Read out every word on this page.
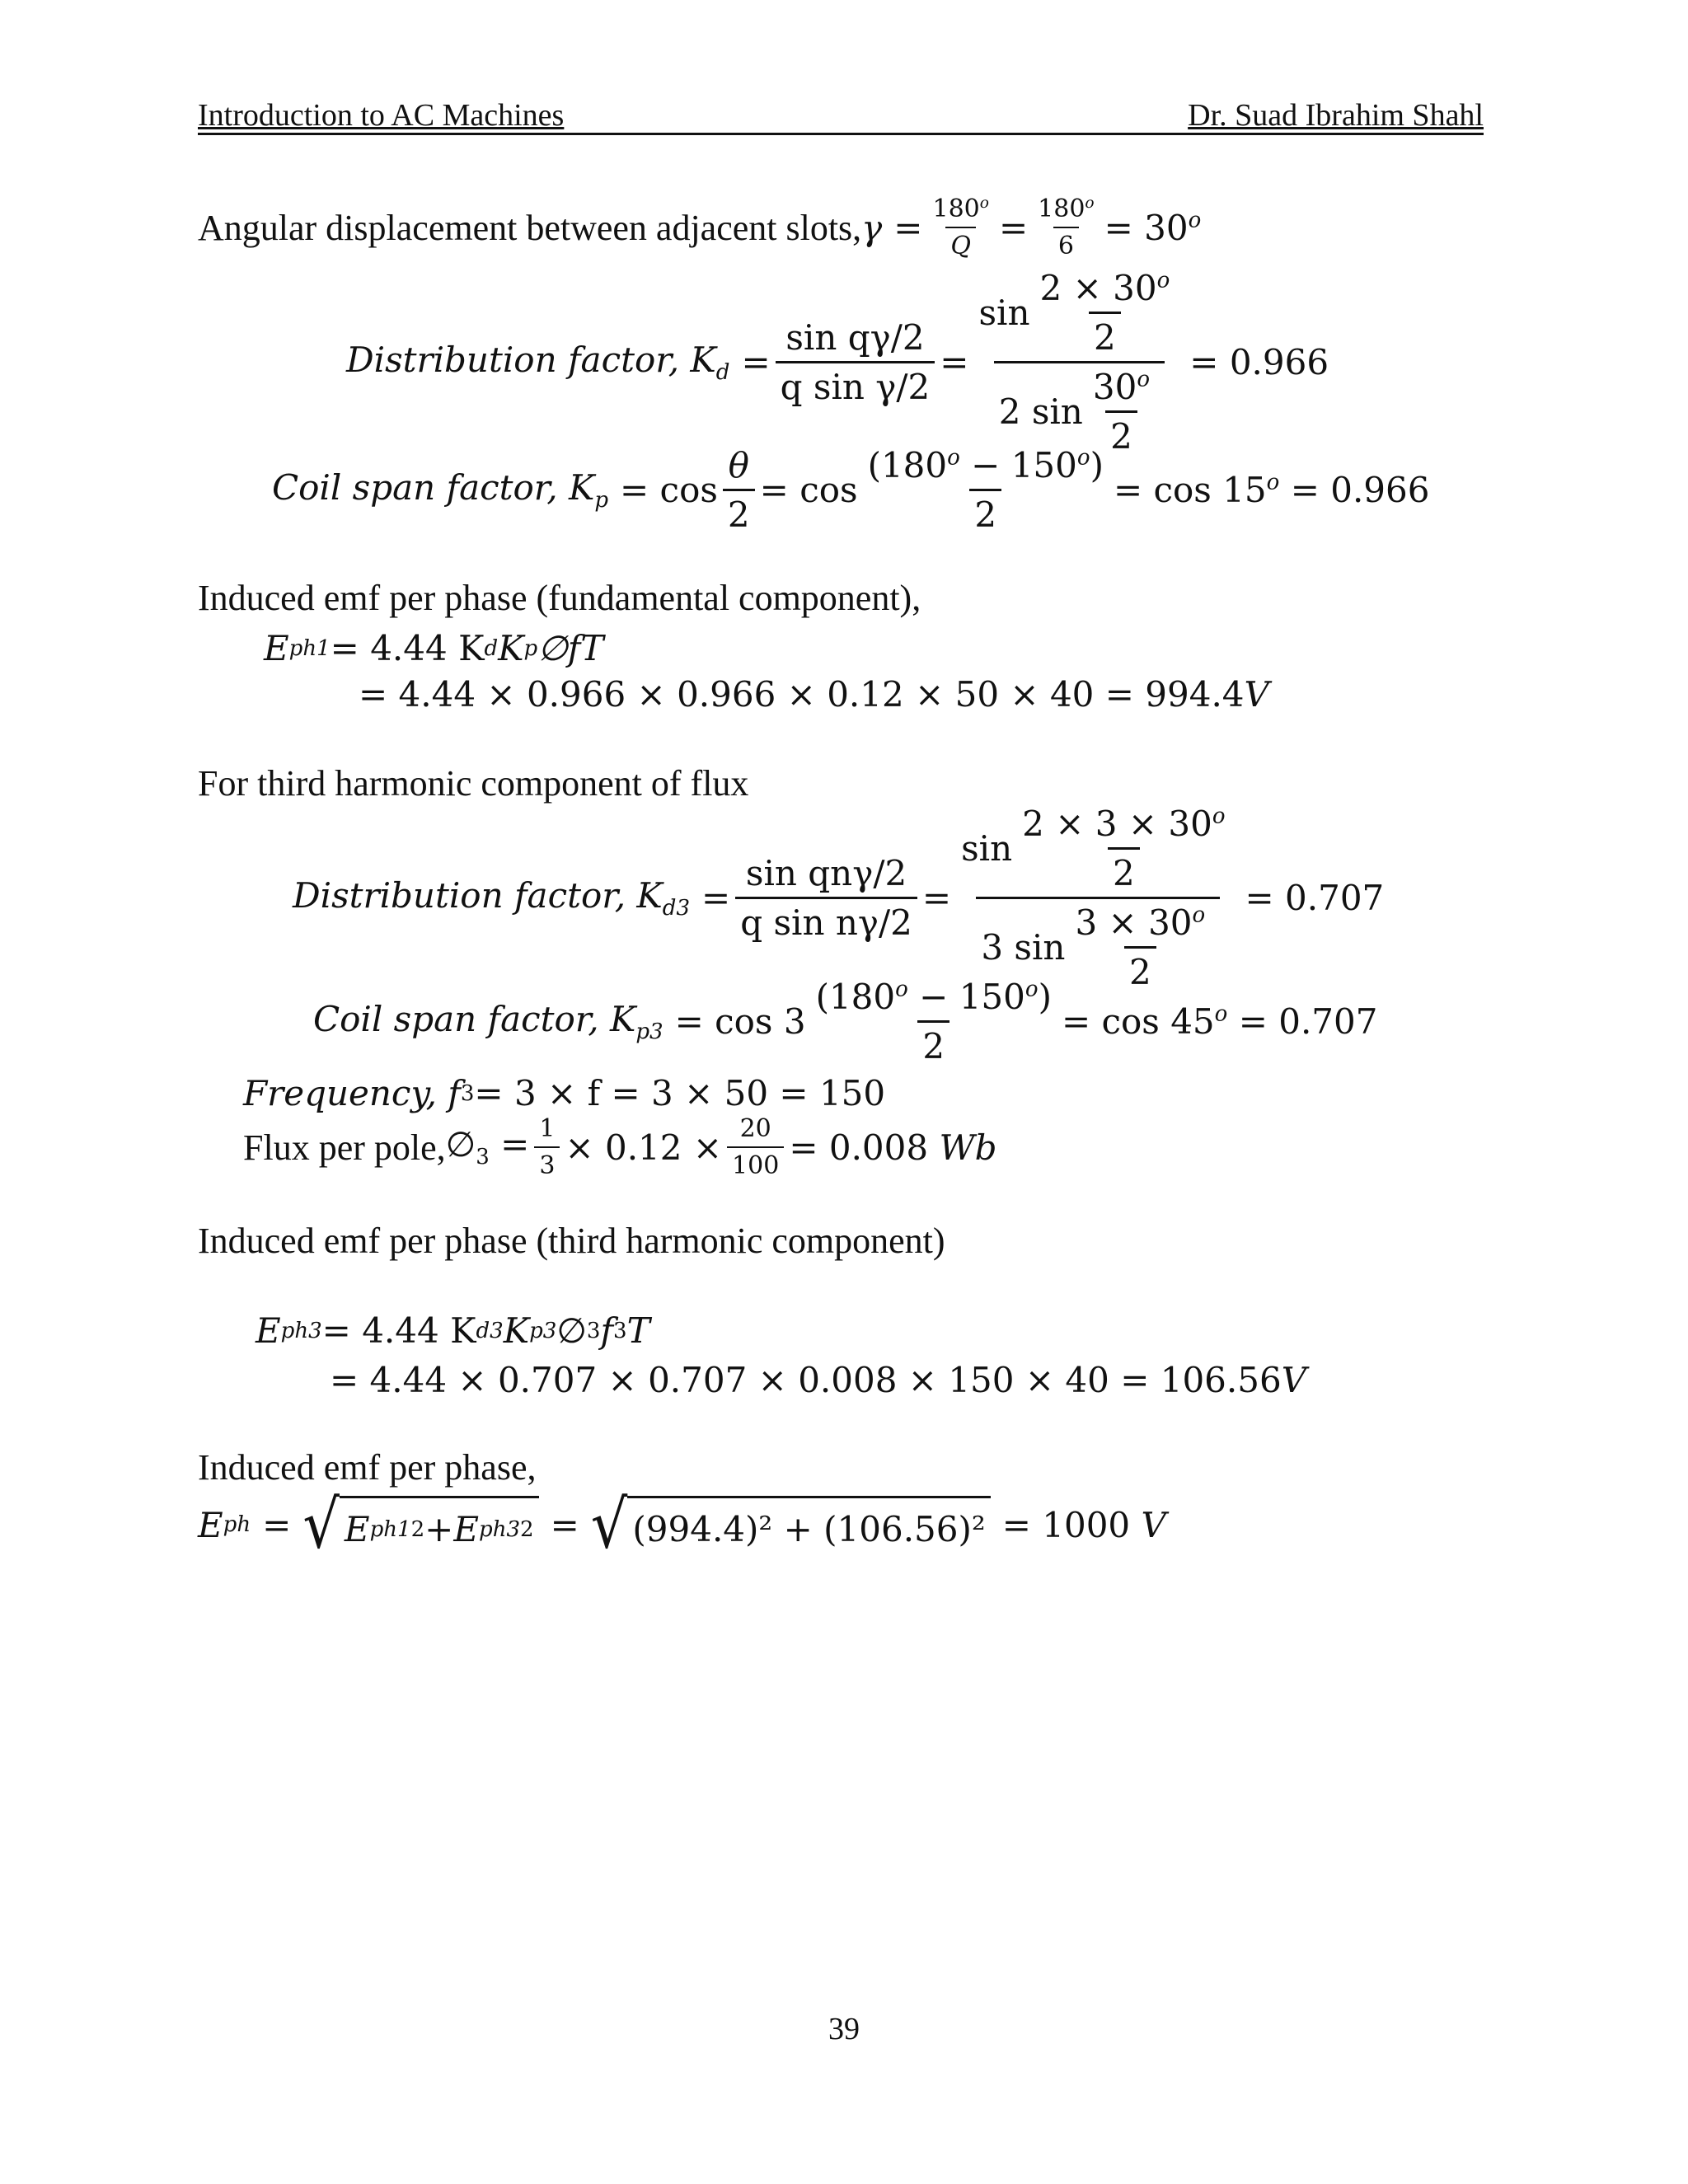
Introduction to AC Machines	Dr. Suad Ibrahim Shahl
Angular displacement between adjacent slots, $\gamma = \frac{180^o}{Q} = \frac{180^o}{6} = 30^o$
Distribution factor, $K_d = \frac{\text{sin qγ/2}}{\text{q sin γ/2}} = \frac{\sin \frac{2 \times 30^o}{2}}{2 \sin \frac{30^o}{2}} = 0.966$
Coil span factor, $K_p = \cos \frac{\theta}{2} = \cos \frac{(180^o - 150^o)}{2} = \cos 15^o = 0.966$
Induced emf per phase (fundamental component),
E ph1 = 4.44 K d K p ∅fT
= 4.44 × 0.966 × 0.966 × 0.12 × 50 × 40 = 994.4 V
For third harmonic component of flux
Distribution factor, $K_{d3} = \frac{\text{sin qnγ/2}}{\text{q sin nγ/2}} = \frac{\sin \frac{2 \times 3 \times 30^o}{2}}{3 \sin \frac{3 \times 30^o}{2}} = 0.707$
Coil span factor, $K_{p3} = \cos 3 \frac{(180^o - 150^o)}{2} = \cos 45^o = 0.707$
Frequency, f 3 = 3 × f = 3 × 50 = 150
Flux per pole, $\emptyset_3 = \frac{1}{3} \times 0.12 \times \frac{20}{100} = 0.008$ Wb
Induced emf per phase (third harmonic component)
E ph3 = 4.44 K d3 K p3 ∅ 3 f 3 T
= 4.44 × 0.707 × 0.707 × 0.008 × 150 × 40 = 106.56 V
Induced emf per phase,
E ph = √ E ph1 2 + E ph3 2 = √ (994.4)² + (106.56)² = 1000 V
39
